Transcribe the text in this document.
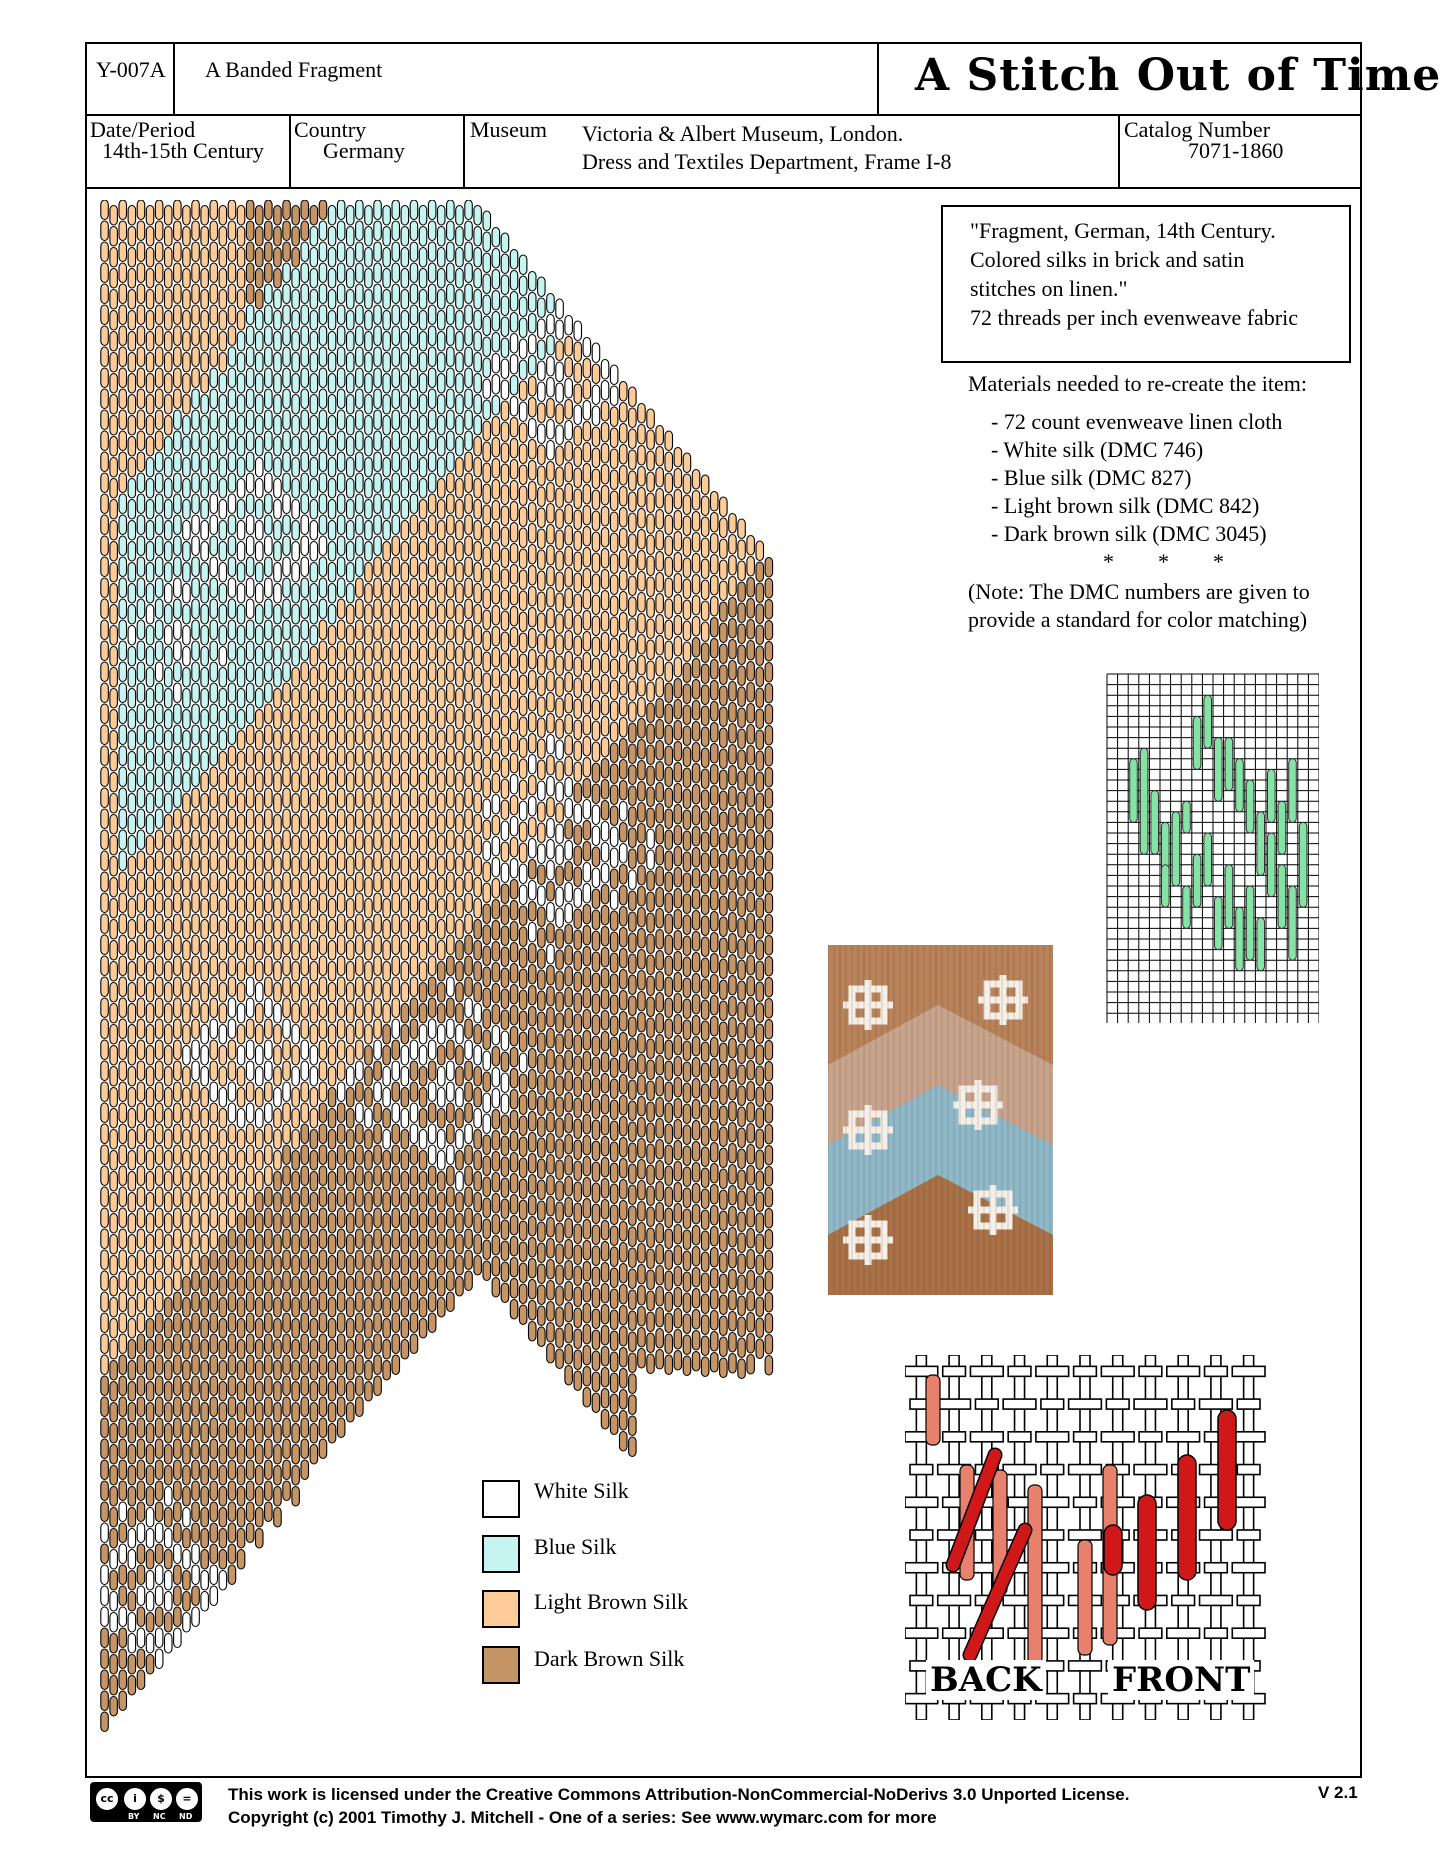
Y-007A A Banded Fragment	A Stitch Out of Time
Date/Period
14th-15th Century
Country
Germany
Museum Victoria & Albert Museum, London.
Dress and Textiles Department, Frame I-8
Catalog Number
7071-1860
"Fragment, German, 14th Century.
Colored silks in brick and satin
stitches on linen."
72 threads per inch evenweave fabric
Materials needed to re-create the item:
- 72 count evenweave linen cloth
- White silk (DMC 746)
- Blue silk (DMC 827)
- Light brown silk (DMC 842)
- Dark brown silk (DMC 3045)
*        *        *
(Note: The DMC numbers are given to
provide a standard for color matching)
BACK FRONT
White Silk
Blue Silk
Light Brown Silk
Dark Brown Silk
cc	i	$	=
BY NC ND
This work is licensed under the Creative Commons Attribution-NonCommercial-NoDerivs 3.0 Unported License.
Copyright (c) 2001 Timothy J. Mitchell - One of a series: See www.wymarc.com for more
V 2.1
